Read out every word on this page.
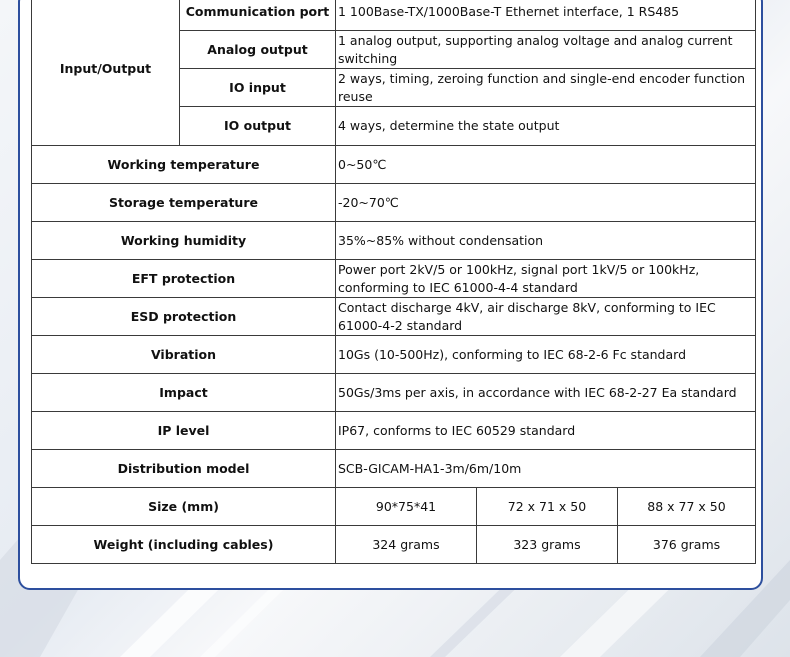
Input/Output	Communication port	1 100Base-TX/1000Base-T Ethernet interface, 1 RS485		
	Analog output	1 analog output, supporting analog voltage and analog current switching		
	IO input	2 ways, timing, zeroing function and single-end encoder function reuse		
	IO output	4 ways, determine the state output		
Working temperature		0~50℃		
Storage temperature		-20~70℃		
Working humidity		35%~85% without condensation		
EFT protection		Power port 2kV/5 or 100kHz, signal port 1kV/5 or 100kHz, conforming to IEC 61000-4-4 standard		
ESD protection		Contact discharge 4kV, air discharge 8kV, conforming to IEC 61000-4-2 standard		
Vibration		10Gs (10-500Hz), conforming to IEC 68-2-6 Fc standard		
Impact		50Gs/3ms per axis, in accordance with IEC 68-2-27 Ea standard		
IP level		IP67, conforms to IEC 60529 standard		
Distribution model		SCB-GICAM-HA1-3m/6m/10m		
Size (mm)		90*75*41	72 x 71 x 50	88 x 77 x 50
Weight (including cables)		324 grams	323 grams	376 grams
